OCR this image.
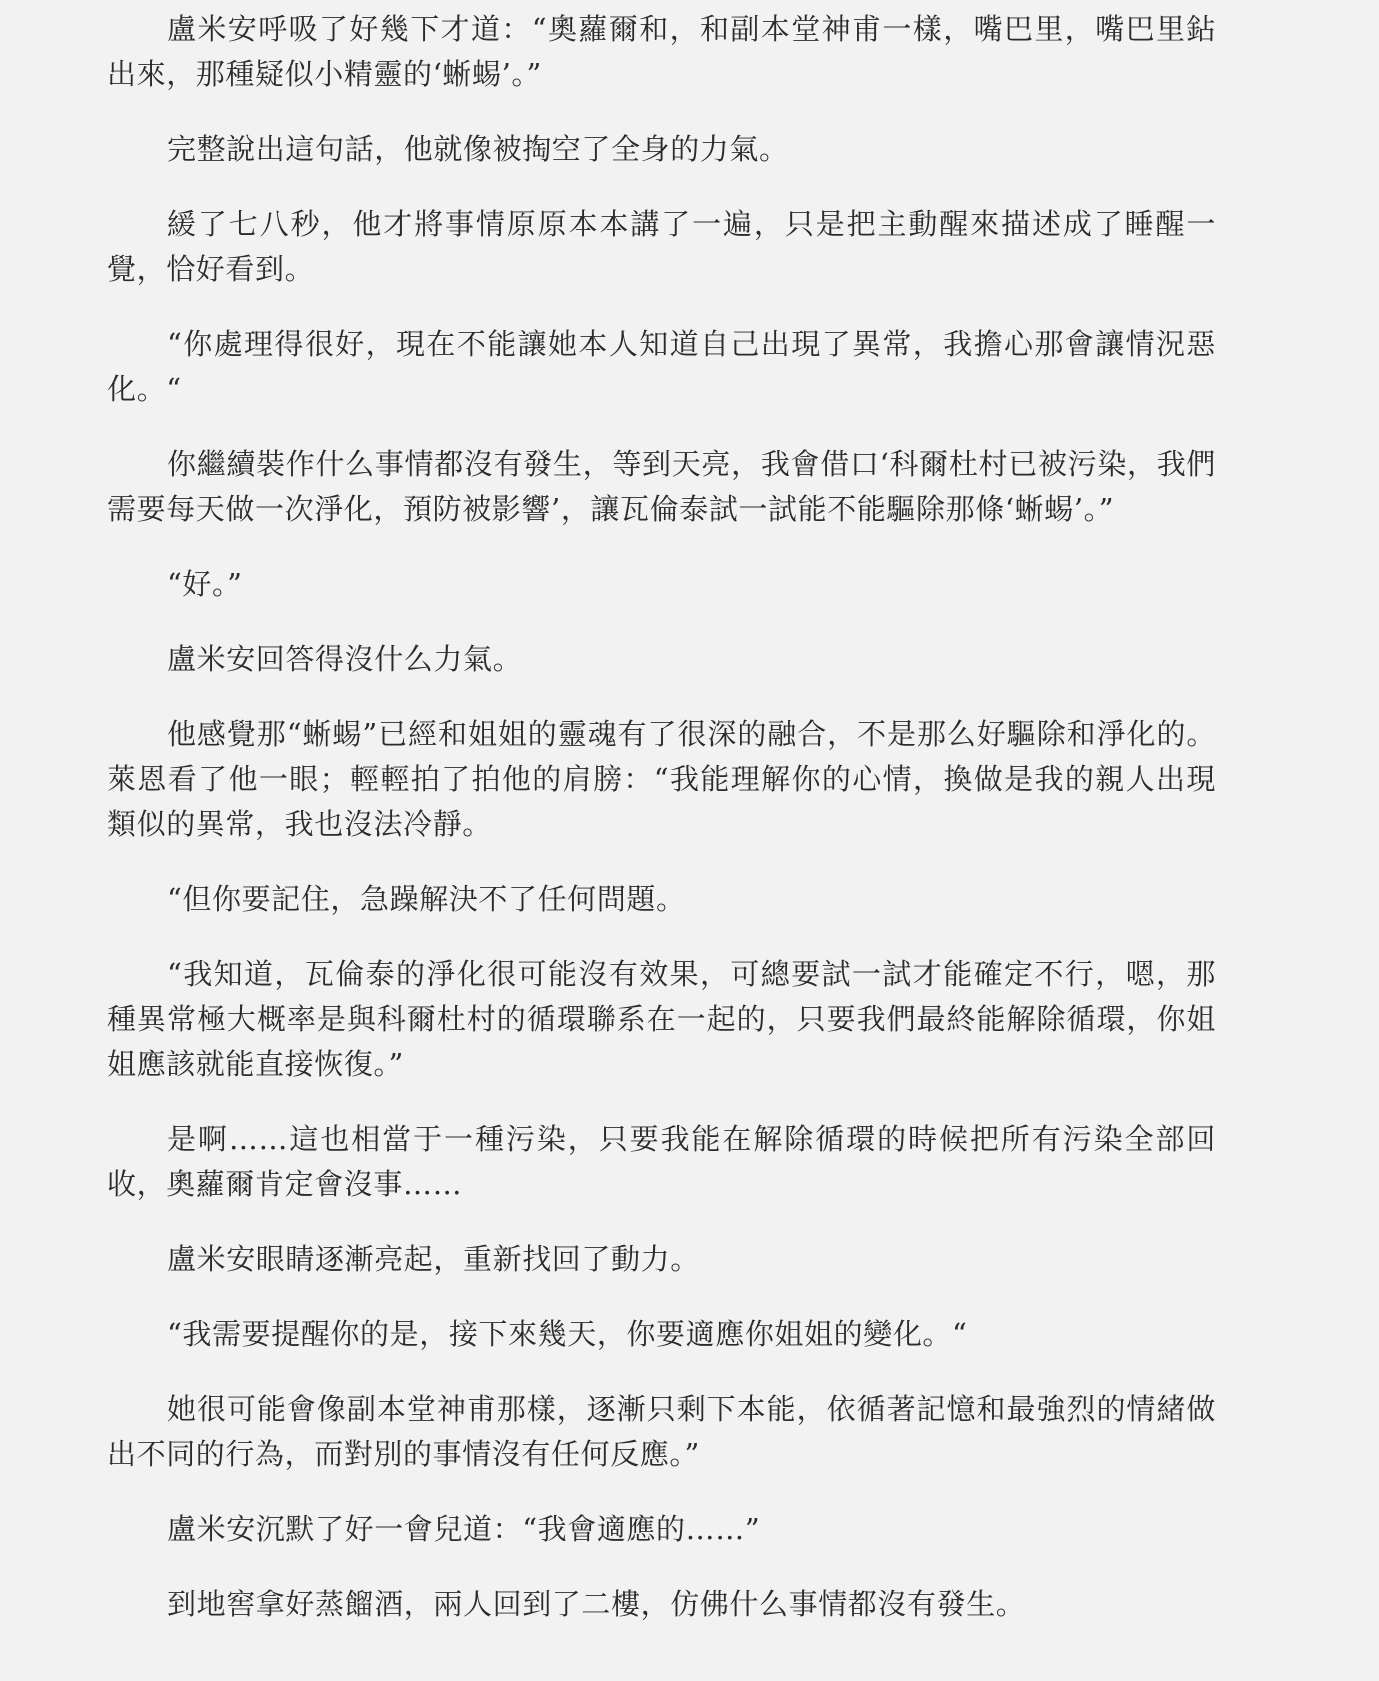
盧米安呼吸了好幾下才道：“奧蘿爾和，和副本堂神甫一樣，嘴巴里，嘴巴里鉆出來，那種疑似小精靈的‘蜥蜴’。”

完整說出這句話，他就像被掏空了全身的力氣。

緩了七八秒，他才將事情原原本本講了一遍，只是把主動醒來描述成了睡醒一覺，恰好看到。

“你處理得很好，現在不能讓她本人知道自己出現了異常，我擔心那會讓情況惡化。“

你繼續裝作什么事情都沒有發生，等到天亮，我會借口‘科爾杜村已被污染，我們需要每天做一次淨化，預防被影響’，讓瓦倫泰試一試能不能驅除那條‘蜥蜴’。”

“好。”

盧米安回答得沒什么力氣。

他感覺那“蜥蜴”已經和姐姐的靈魂有了很深的融合，不是那么好驅除和淨化的。萊恩看了他一眼；輕輕拍了拍他的肩膀：“我能理解你的心情，換做是我的親人出現類似的異常，我也沒法冷靜。

“但你要記住，急躁解決不了任何問題。

“我知道，瓦倫泰的淨化很可能沒有效果，可總要試一試才能確定不行，嗯，那種異常極大概率是與科爾杜村的循環聯系在一起的，只要我們最終能解除循環，你姐姐應該就能直接恢復。”

是啊……這也相當于一種污染，只要我能在解除循環的時候把所有污染全部回收，奧蘿爾肯定會沒事……

盧米安眼睛逐漸亮起，重新找回了動力。

“我需要提醒你的是，接下來幾天，你要適應你姐姐的變化。“

她很可能會像副本堂神甫那樣，逐漸只剩下本能，依循著記憶和最強烈的情緒做出不同的行為，而對別的事情沒有任何反應。”

盧米安沉默了好一會兒道：“我會適應的……”

到地窖拿好蒸餾酒，兩人回到了二樓，仿佛什么事情都沒有發生。
